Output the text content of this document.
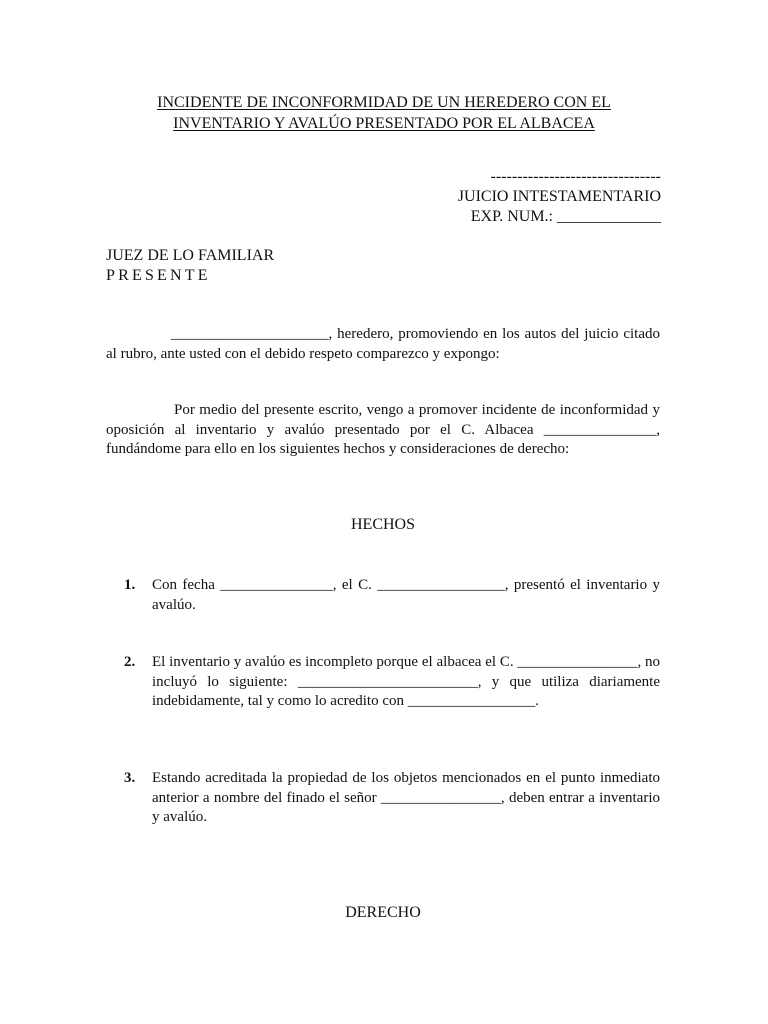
INCIDENTE DE INCONFORMIDAD DE UN HEREDERO CON EL
INVENTARIO Y AVALÚO PRESENTADO POR EL ALBACEA
--------------------------------
JUICIO INTESTAMENTARIO
EXP. NUM.: _____________
JUEZ DE LO FAMILIAR
PRESENTE
_____________________, heredero, promoviendo en los autos del juicio citado al rubro, ante usted con el debido respeto comparezco y expongo:
Por medio del presente escrito, vengo a promover incidente de inconformidad y oposición al inventario y avalúo presentado por el C. Albacea _______________, fundándome para ello en los siguientes hechos y consideraciones de derecho:
HECHOS
1. Con fecha _______________, el C. _________________, presentó el inventario y avalúo.
2. El inventario y avalúo es incompleto porque el albacea el C. ________________, no incluyó lo siguiente: ________________________, y que utiliza diariamente indebidamente, tal y como lo acredito con _________________.
3. Estando acreditada la propiedad de los objetos mencionados en el punto inmediato anterior a nombre del finado el señor ________________, deben entrar a inventario y avalúo.
DERECHO
